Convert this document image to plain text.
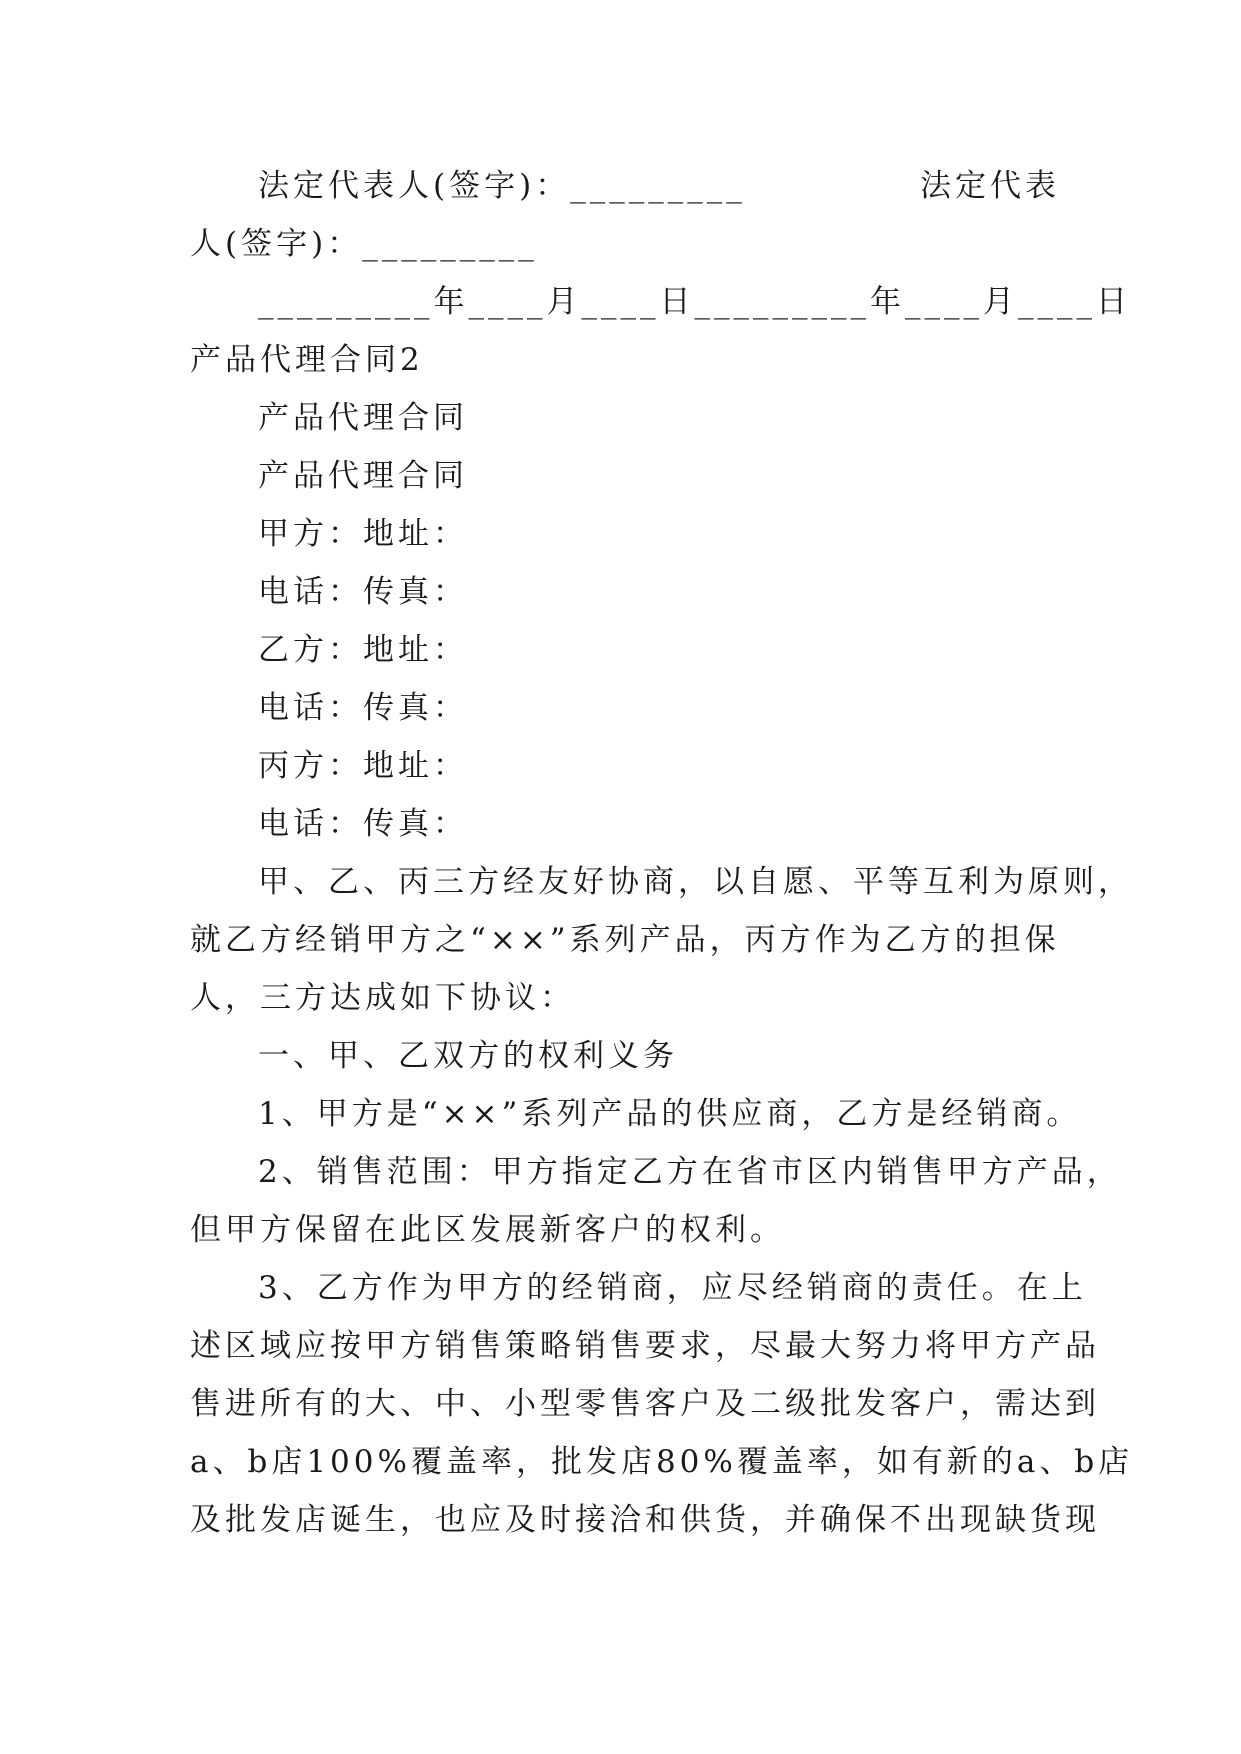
法定代表人(签字)：_________	法定代表
人(签字)：_________
_________年____月____日_________年____月____日
产品代理合同2
产品代理合同
产品代理合同
甲方：地址：
电话：传真：
乙方：地址：
电话：传真：
丙方：地址：
电话：传真：
甲、乙、丙三方经友好协商，以自愿、平等互利为原则，
就乙方经销甲方之“××”系列产品，丙方作为乙方的担保
人，三方达成如下协议：
一、甲、乙双方的权利义务
1、甲方是“××”系列产品的供应商，乙方是经销商。
2、销售范围：甲方指定乙方在省市区内销售甲方产品，
但甲方保留在此区发展新客户的权利。
3、乙方作为甲方的经销商，应尽经销商的责任。在上
述区域应按甲方销售策略销售要求，尽最大努力将甲方产品
售进所有的大、中、小型零售客户及二级批发客户，需达到
a、b店100%覆盖率，批发店80%覆盖率，如有新的a、b店
及批发店诞生，也应及时接洽和供货，并确保不出现缺货现
